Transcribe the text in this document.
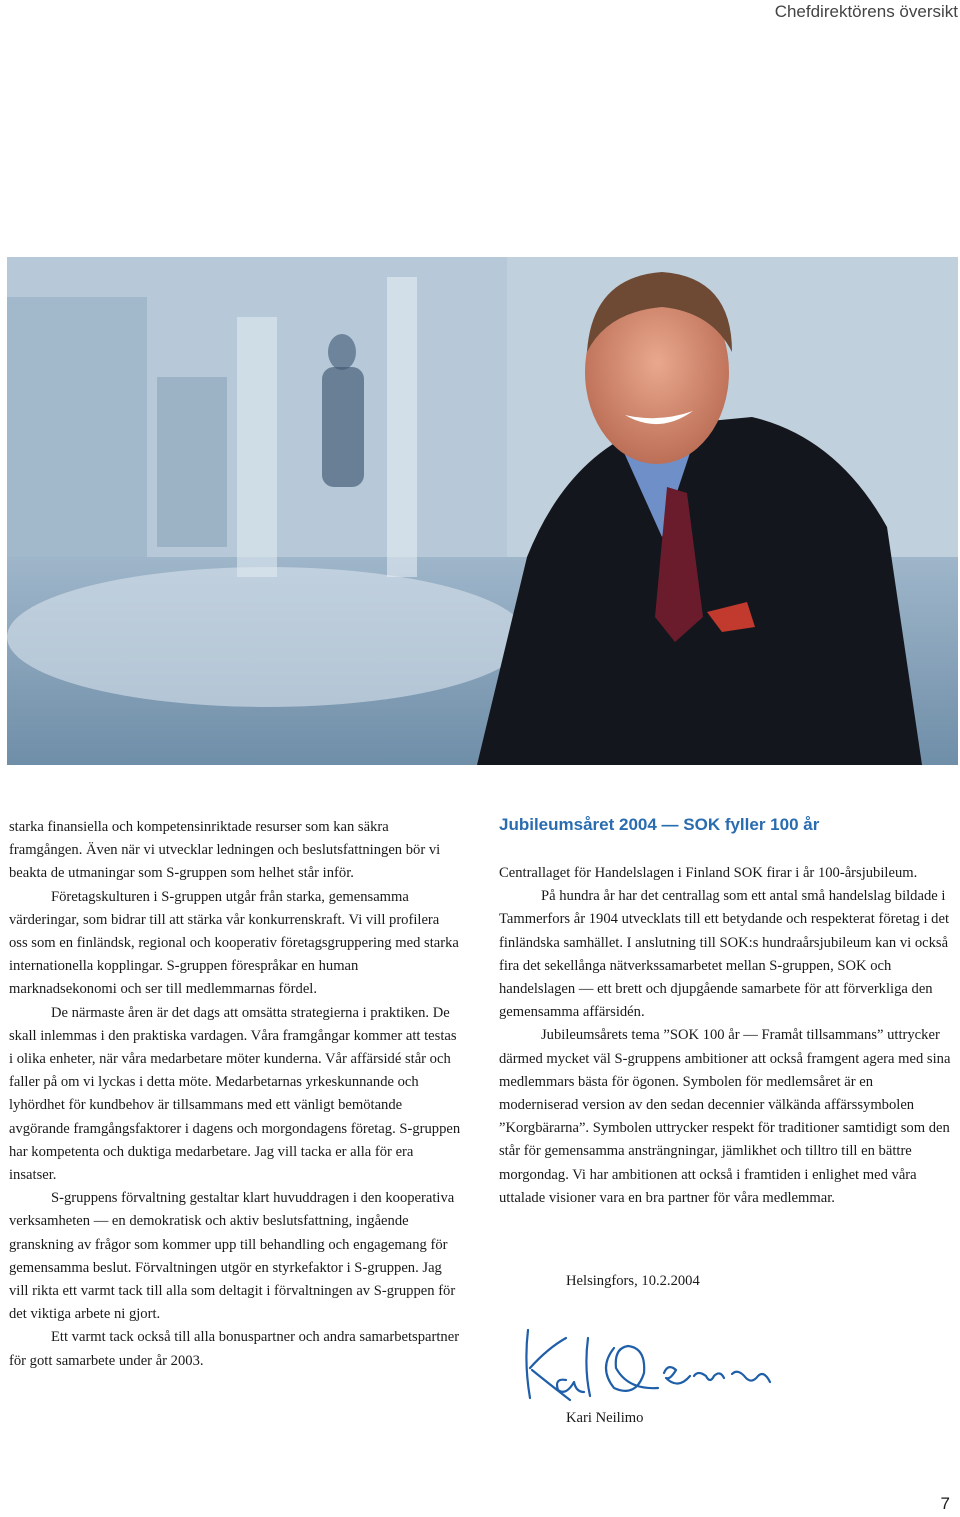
Chefdirektörens översikt

starka finansiella och kompetensinriktade resurser som kan säkra framgången. Även när vi utvecklar ledningen och beslutsfattningen bör vi beakta de utmaningar som S-gruppen som helhet står inför.

Företagskulturen i S-gruppen utgår från starka, gemensamma värderingar, som bidrar till att stärka vår konkurrenskraft. Vi vill profilera oss som en finländsk, regional och kooperativ företagsgruppering med starka internationella kopplingar. S-gruppen förespråkar en human marknadsekonomi och ser till medlemmarnas fördel.

De närmaste åren är det dags att omsätta strategierna i praktiken. De skall inlemmas i den praktiska vardagen. Våra framgångar kommer att testas i olika enheter, när våra medarbetare möter kunderna. Vår affärsidé står och faller på om vi lyckas i detta möte. Medarbetarnas yrkeskunnande och lyhördhet för kundbehov är tillsammans med ett vänligt bemötande avgörande framgångsfaktorer i dagens och morgondagens företag. S-gruppen har kompetenta och duktiga medarbetare. Jag vill tacka er alla för era insatser.

S-gruppens förvaltning gestaltar klart huvuddragen i den kooperativa verksamheten — en demokratisk och aktiv beslutsfattning, ingående granskning av frågor som kommer upp till behandling och engagemang för gemensamma beslut. Förvaltningen utgör en styrkefaktor i S-gruppen. Jag vill rikta ett varmt tack till alla som deltagit i förvaltningen av S-gruppen för det viktiga arbete ni gjort.

Ett varmt tack också till alla bonuspartner och andra samarbetspartner för gott samarbete under år 2003.

Jubileumsåret 2004 — SOK fyller 100 år

Centrallaget för Handelslagen i Finland SOK firar i år 100-årsjubileum.

På hundra år har det centrallag som ett antal små handelslag bildade i Tammerfors år 1904 utvecklats till ett betydande och respekterat företag i det finländska samhället. I anslutning till SOK:s hundraårsjubileum kan vi också fira det sekellånga nätverkssamarbetet mellan S-gruppen, SOK och handelslagen — ett brett och djupgående samarbete för att förverkliga den gemensamma affärsidén.

Jubileumsårets tema ”SOK 100 år — Framåt tillsammans” uttrycker därmed mycket väl S-gruppens ambitioner att också framgent agera med sina medlemmars bästa för ögonen. Symbolen för medlemsåret är en moderniserad version av den sedan decennier välkända affärssymbolen ”Korgbärarna”. Symbolen uttrycker respekt för traditioner samtidigt som den står för gemensamma ansträngningar, jämlikhet och tilltro till en bättre morgondag. Vi har ambitionen att också i framtiden i enlighet med våra uttalade visioner vara en bra partner för våra medlemmar.

Helsingfors, 10.2.2004
Kari Neilimo
7
